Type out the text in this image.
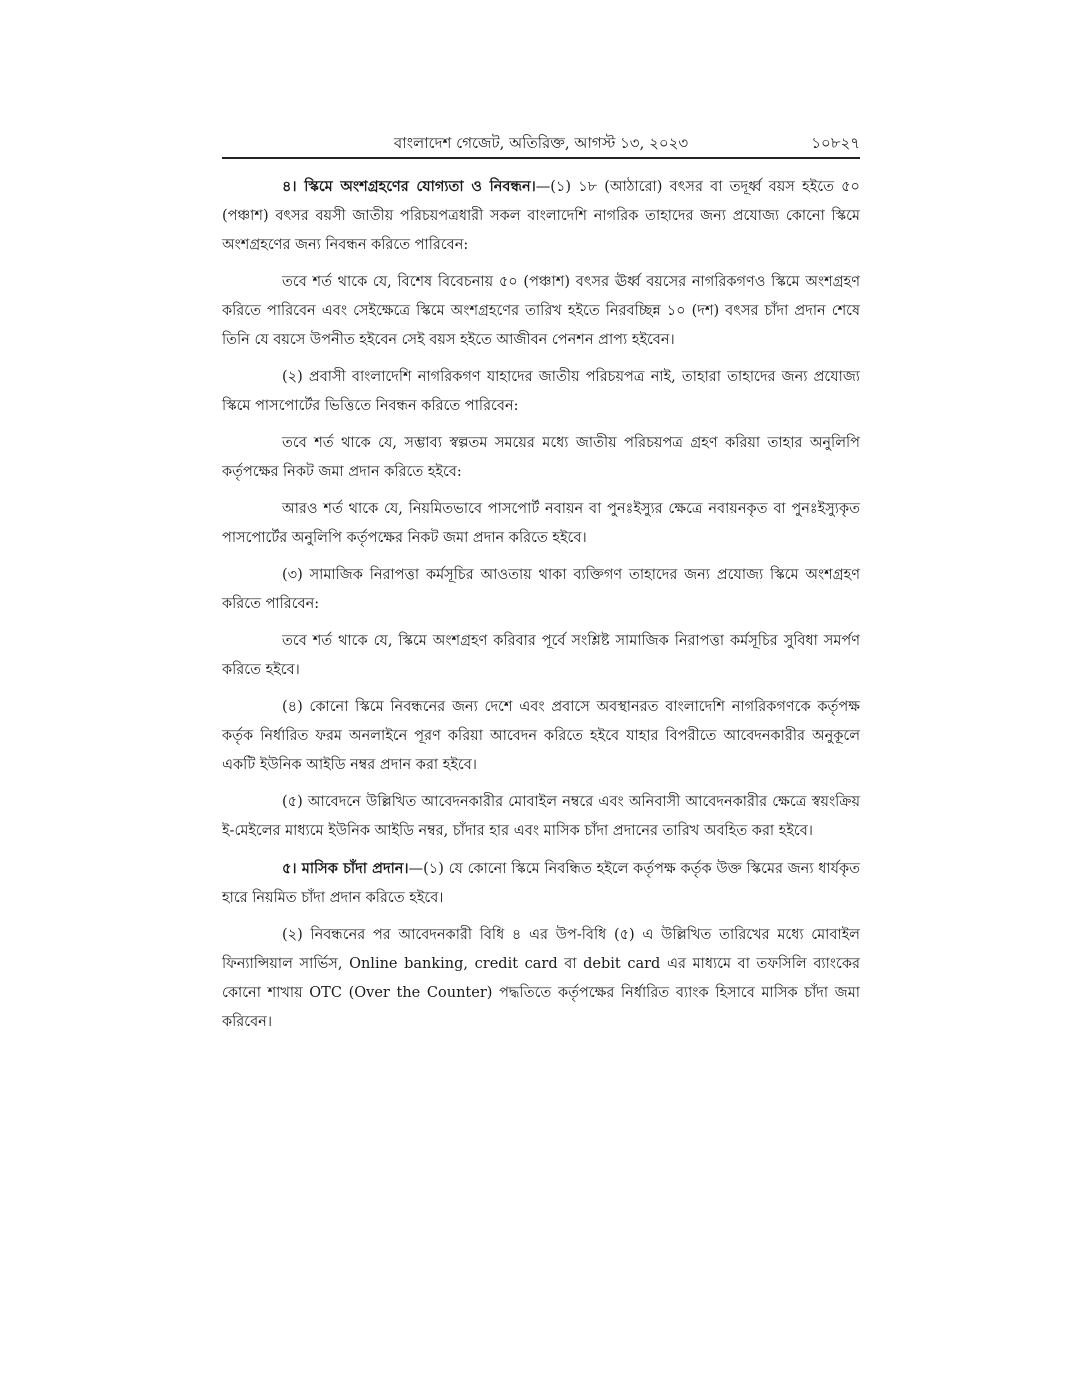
বাংলাদেশ গেজেট, অতিরিক্ত, আগস্ট ১৩, ২০২৩	১০৮২৭

৪। স্কিমে অংশগ্রহণের যোগ্যতা ও নিবন্ধন।—(১) ১৮ (আঠারো) বৎসর বা তদূর্ধ্ব বয়স হইতে ৫০ (পঞ্চাশ) বৎসর বয়সী জাতীয় পরিচয়পত্রধারী সকল বাংলাদেশি নাগরিক তাহাদের জন্য প্রযোজ্য কোনো স্কিমে অংশগ্রহণের জন্য নিবন্ধন করিতে পারিবেন:

তবে শর্ত থাকে যে, বিশেষ বিবেচনায় ৫০ (পঞ্চাশ) বৎসর ঊর্ধ্ব বয়সের নাগরিকগণও স্কিমে অংশগ্রহণ করিতে পারিবেন এবং সেইক্ষেত্রে স্কিমে অংশগ্রহণের তারিখ হইতে নিরবচ্ছিন্ন ১০ (দশ) বৎসর চাঁদা প্রদান শেষে তিনি যে বয়সে উপনীত হইবেন সেই বয়স হইতে আজীবন পেনশন প্রাপ্য হইবেন।

(২) প্রবাসী বাংলাদেশি নাগরিকগণ যাহাদের জাতীয় পরিচয়পত্র নাই, তাহারা তাহাদের জন্য প্রযোজ্য স্কিমে পাসপোর্টের ভিত্তিতে নিবন্ধন করিতে পারিবেন:

তবে শর্ত থাকে যে, সম্ভাব্য স্বল্পতম সময়ের মধ্যে জাতীয় পরিচয়পত্র গ্রহণ করিয়া তাহার অনুলিপি কর্তৃপক্ষের নিকট জমা প্রদান করিতে হইবে:

আরও শর্ত থাকে যে, নিয়মিতভাবে পাসপোর্ট নবায়ন বা পুনঃইস্যুর ক্ষেত্রে নবায়নকৃত বা পুনঃইস্যুকৃত পাসপোর্টের অনুলিপি কর্তৃপক্ষের নিকট জমা প্রদান করিতে হইবে।

(৩) সামাজিক নিরাপত্তা কর্মসূচির আওতায় থাকা ব্যক্তিগণ তাহাদের জন্য প্রযোজ্য স্কিমে অংশগ্রহণ করিতে পারিবেন:

তবে শর্ত থাকে যে, স্কিমে অংশগ্রহণ করিবার পূর্বে সংশ্লিষ্ট সামাজিক নিরাপত্তা কর্মসূচির সুবিধা সমর্পণ করিতে হইবে।

(৪) কোনো স্কিমে নিবন্ধনের জন্য দেশে এবং প্রবাসে অবস্থানরত বাংলাদেশি নাগরিকগণকে কর্তৃপক্ষ কর্তৃক নির্ধারিত ফরম অনলাইনে পূরণ করিয়া আবেদন করিতে হইবে যাহার বিপরীতে আবেদনকারীর অনুকূলে একটি ইউনিক আইডি নম্বর প্রদান করা হইবে।

(৫) আবেদনে উল্লিখিত আবেদনকারীর মোবাইল নম্বরে এবং অনিবাসী আবেদনকারীর ক্ষেত্রে স্বয়ংক্রিয় ই-মেইলের মাধ্যমে ইউনিক আইডি নম্বর, চাঁদার হার এবং মাসিক চাঁদা প্রদানের তারিখ অবহিত করা হইবে।

৫। মাসিক চাঁদা প্রদান।—(১) যে কোনো স্কিমে নিবন্ধিত হইলে কর্তৃপক্ষ কর্তৃক উক্ত স্কিমের জন্য ধার্যকৃত হারে নিয়মিত চাঁদা প্রদান করিতে হইবে।

(২) নিবন্ধনের পর আবেদনকারী বিধি ৪ এর উপ-বিধি (৫) এ উল্লিখিত তারিখের মধ্যে মোবাইল ফিন্যান্সিয়াল সার্ভিস, Online banking, credit card বা debit card এর মাধ্যমে বা তফসিলি ব্যাংকের কোনো শাখায় OTC (Over the Counter) পদ্ধতিতে কর্তৃপক্ষের নির্ধারিত ব্যাংক হিসাবে মাসিক চাঁদা জমা করিবেন।
